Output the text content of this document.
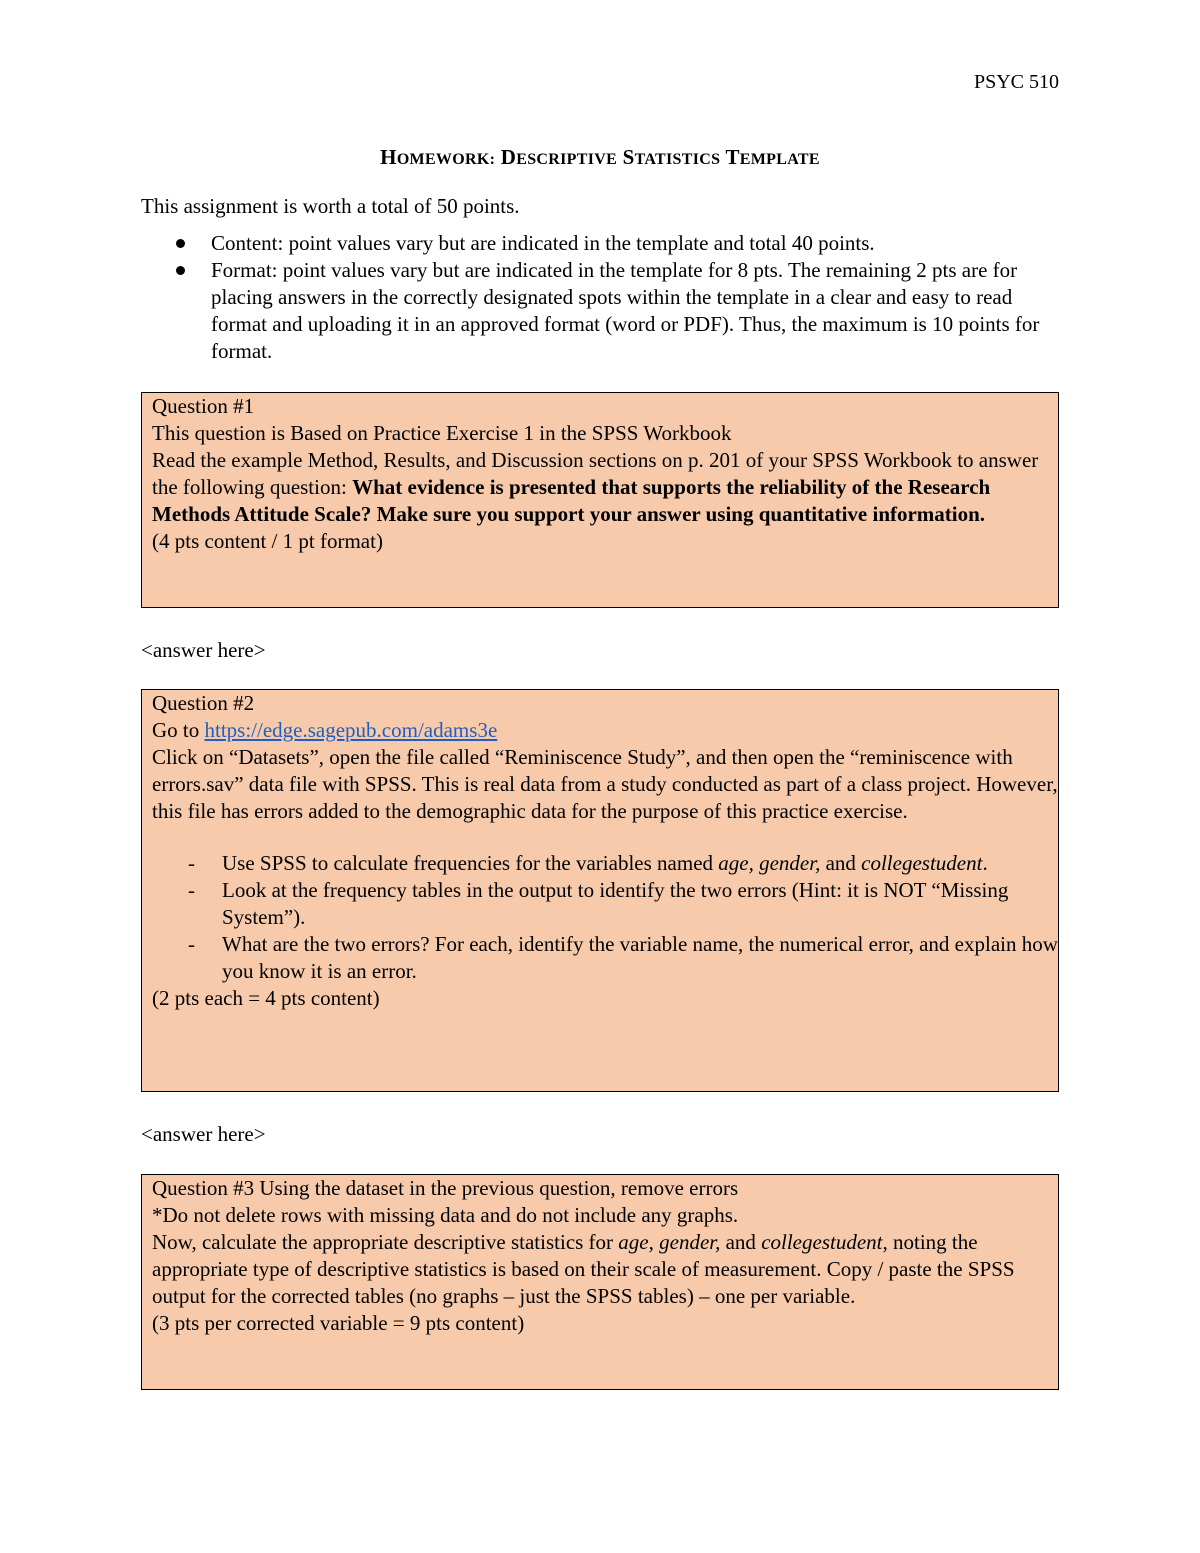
PSYC 510
HOMEWORK: DESCRIPTIVE STATISTICS TEMPLATE
This assignment is worth a total of 50 points.
Content: point values vary but are indicated in the template and total 40 points.
Format: point values vary but are indicated in the template for 8 pts. The remaining 2 pts are for placing answers in the correctly designated spots within the template in a clear and easy to read format and uploading it in an approved format (word or PDF). Thus, the maximum is 10 points for format.

Question #1

This question is Based on Practice Exercise 1 in the SPSS Workbook

Read the example Method, Results, and Discussion sections on p. 201 of your SPSS Workbook to answer the following question: What evidence is presented that supports the reliability of the Research Methods Attitude Scale? Make sure you support your answer using quantitative information.

(4 pts content / 1 pt format)

<answer here>

Question #2

Go to https://edge.sagepub.com/adams3e

Click on “Datasets”, open the file called “Reminiscence Study”, and then open the “reminiscence with errors.sav” data file with SPSS. This is real data from a study conducted as part of a class project. However, this file has errors added to the demographic data for the purpose of this practice exercise.

- Use SPSS to calculate frequencies for the variables named age, gender, and collegestudent.
- Look at the frequency tables in the output to identify the two errors (Hint: it is NOT “Missing System”).
- What are the two errors? For each, identify the variable name, the numerical error, and explain how you know it is an error.

(2 pts each = 4 pts content)

<answer here>

Question #3 Using the dataset in the previous question, remove errors

*Do not delete rows with missing data and do not include any graphs.

Now, calculate the appropriate descriptive statistics for age, gender, and collegestudent, noting the appropriate type of descriptive statistics is based on their scale of measurement. Copy / paste the SPSS output for the corrected tables (no graphs – just the SPSS tables) – one per variable.

(3 pts per corrected variable = 9 pts content)
